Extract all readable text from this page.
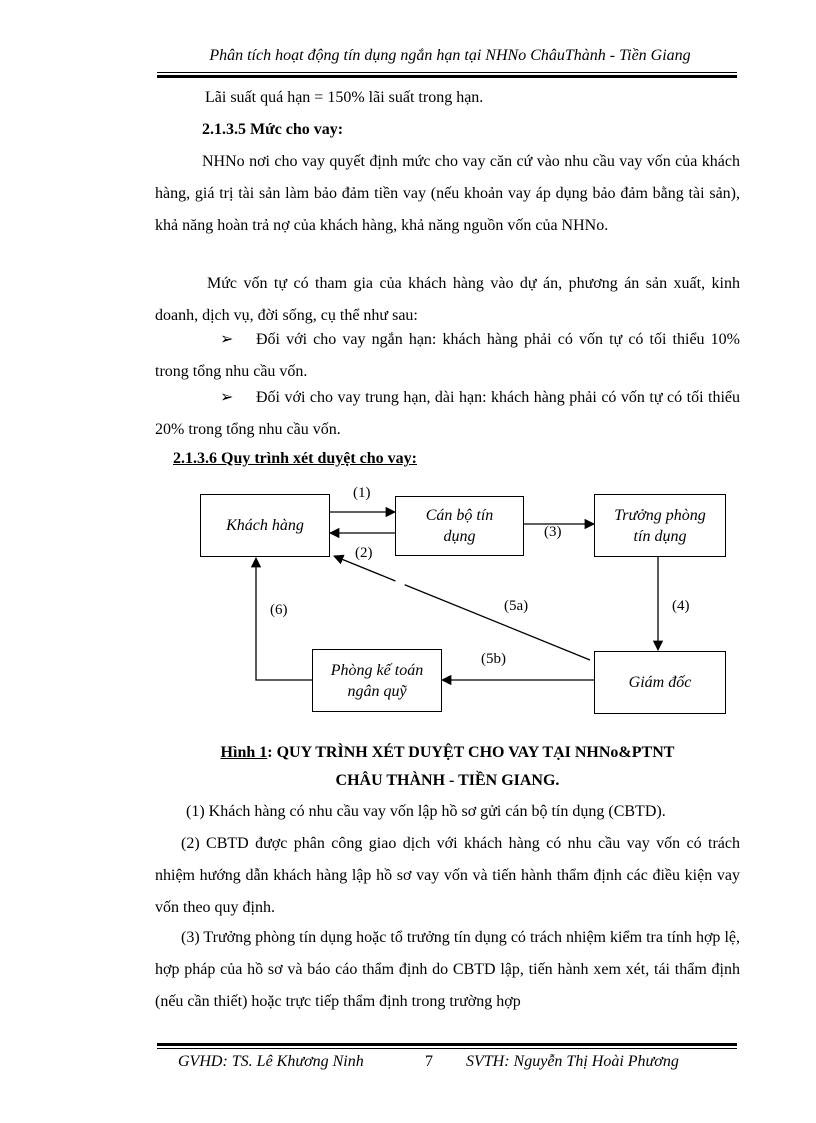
Phân tích hoạt động tín dụng ngắn hạn tại NHNo ChâuThành - Tiền Giang

Lãi suất quá hạn = 150% lãi suất trong hạn.

2.1.3.5 Mức cho vay:

NHNo nơi cho vay quyết định mức cho vay căn cứ vào nhu cầu vay vốn của khách hàng, giá trị tài sản làm bảo đảm tiền vay (nếu khoản vay áp dụng bảo đảm bằng tài sản), khả năng hoàn trả nợ của khách hàng, khả năng nguồn vốn của NHNo.

Mức vốn tự có tham gia của khách hàng vào dự án, phương án sản xuất, kinh doanh, dịch vụ, đời sống, cụ thể như sau:

➢ Đối với cho vay ngắn hạn: khách hàng phải có vốn tự có tối thiểu 10% trong tổng nhu cầu vốn.
➢ Đối với cho vay trung hạn, dài hạn: khách hàng phải có vốn tự có tối thiểu 20% trong tổng nhu cầu vốn.

2.1.3.6 Quy trình xét duyệt cho vay:

Khách hàng
Cán bộ tín dụng
Trưởng phòng tín dụng
Giám đốc
Phòng kế toán ngân quỹ
(1)
(2)
(3)
(4)
(5a)
(5b)
(6)
Hình 1: QUY TRÌNH XÉT DUYỆT CHO VAY TẠI NHNo&PTNT
CHÂU THÀNH - TIỀN GIANG.

(1) Khách hàng có nhu cầu vay vốn lập hồ sơ gửi cán bộ tín dụng (CBTD).

(2) CBTD được phân công giao dịch với khách hàng có nhu cầu vay vốn có trách nhiệm hướng dẫn khách hàng lập hồ sơ vay vốn và tiến hành thẩm định các điều kiện vay vốn theo quy định.

(3) Trưởng phòng tín dụng hoặc tổ trưởng tín dụng có trách nhiệm kiểm tra tính hợp lệ, hợp pháp của hồ sơ và báo cáo thẩm định do CBTD lập, tiến hành xem xét, tái thẩm định (nếu cần thiết) hoặc trực tiếp thẩm định trong trường hợp

GVHD: TS. Lê Khương Ninh	7 SVTH: Nguyễn Thị Hoài Phương
